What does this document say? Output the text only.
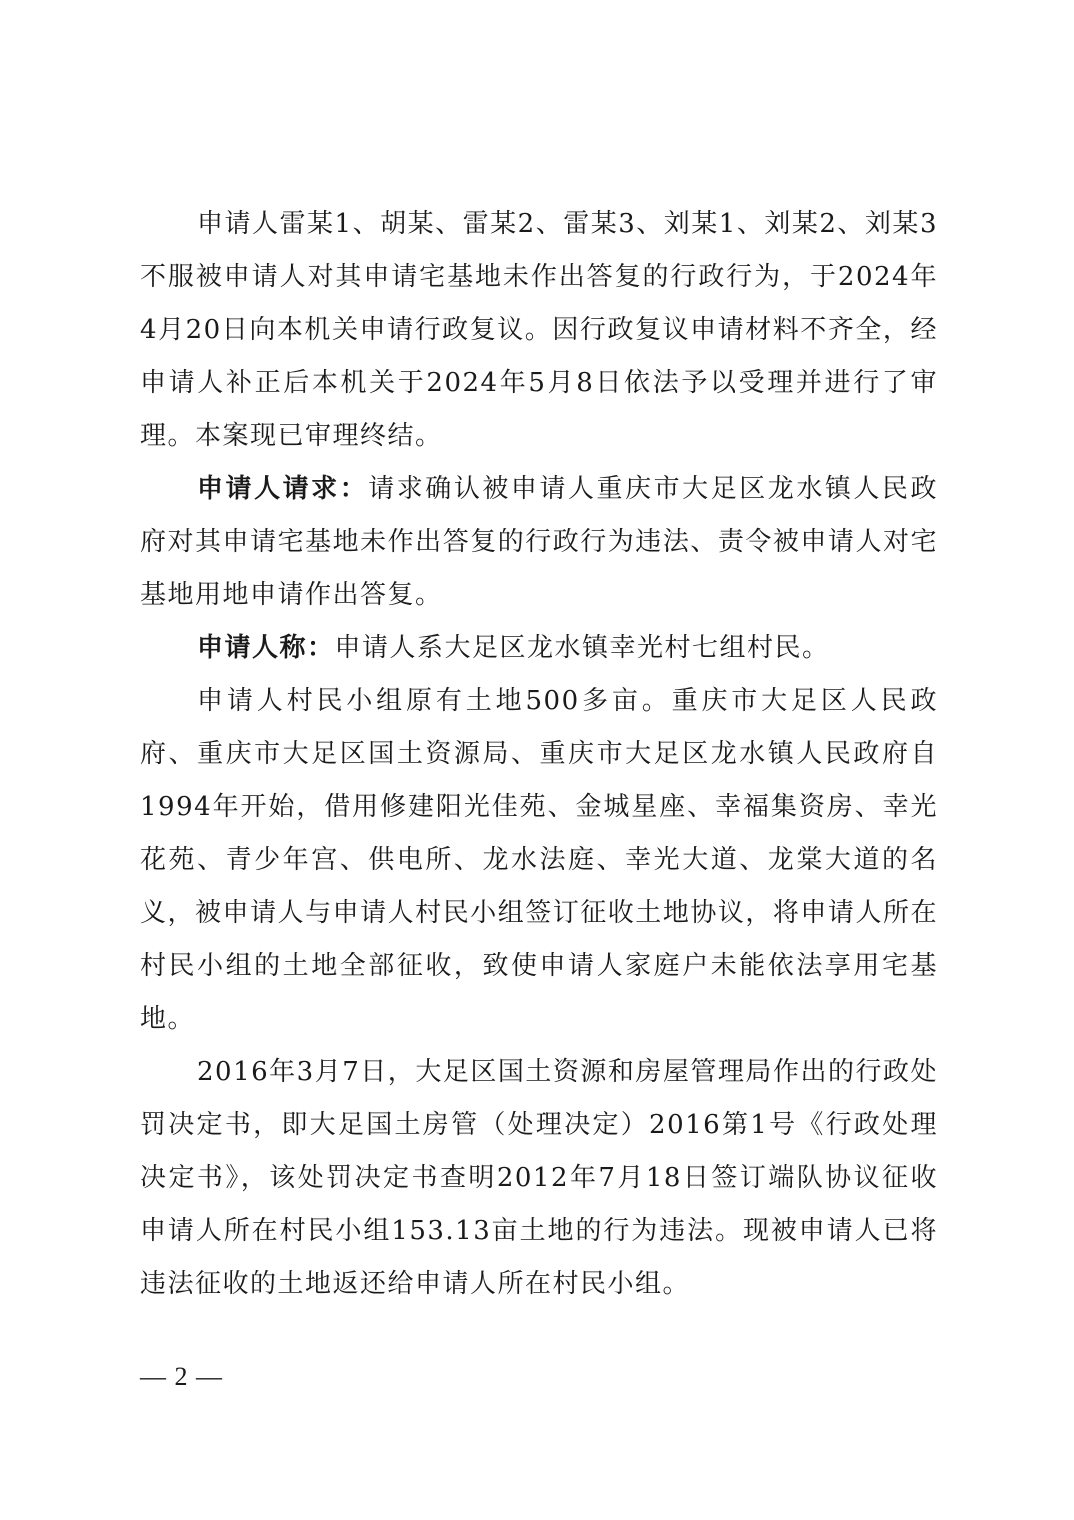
申请人雷某1、胡某、雷某2、雷某3、刘某1、刘某2、刘某3不服被申请人对其申请宅基地未作出答复的行政行为，于2024年4月20日向本机关申请行政复议。因行政复议申请材料不齐全，经申请人补正后本机关于2024年5月8日依法予以受理并进行了审理。本案现已审理终结。

申请人请求：请求确认被申请人重庆市大足区龙水镇人民政府对其申请宅基地未作出答复的行政行为违法、责令被申请人对宅基地用地申请作出答复。

申请人称：申请人系大足区龙水镇幸光村七组村民。

申请人村民小组原有土地500多亩。重庆市大足区人民政府、重庆市大足区国土资源局、重庆市大足区龙水镇人民政府自1994年开始，借用修建阳光佳苑、金城星座、幸福集资房、幸光花苑、青少年宫、供电所、龙水法庭、幸光大道、龙棠大道的名义，被申请人与申请人村民小组签订征收土地协议，将申请人所在村民小组的土地全部征收，致使申请人家庭户未能依法享用宅基地。

2016年3月7日，大足区国土资源和房屋管理局作出的行政处罚决定书，即大足国土房管（处理决定）2016第1号《行政处理决定书》，该处罚决定书查明2012年7月18日签订端队协议征收申请人所在村民小组153.13亩土地的行为违法。现被申请人已将违法征收的土地返还给申请人所在村民小组。

— 2 —
